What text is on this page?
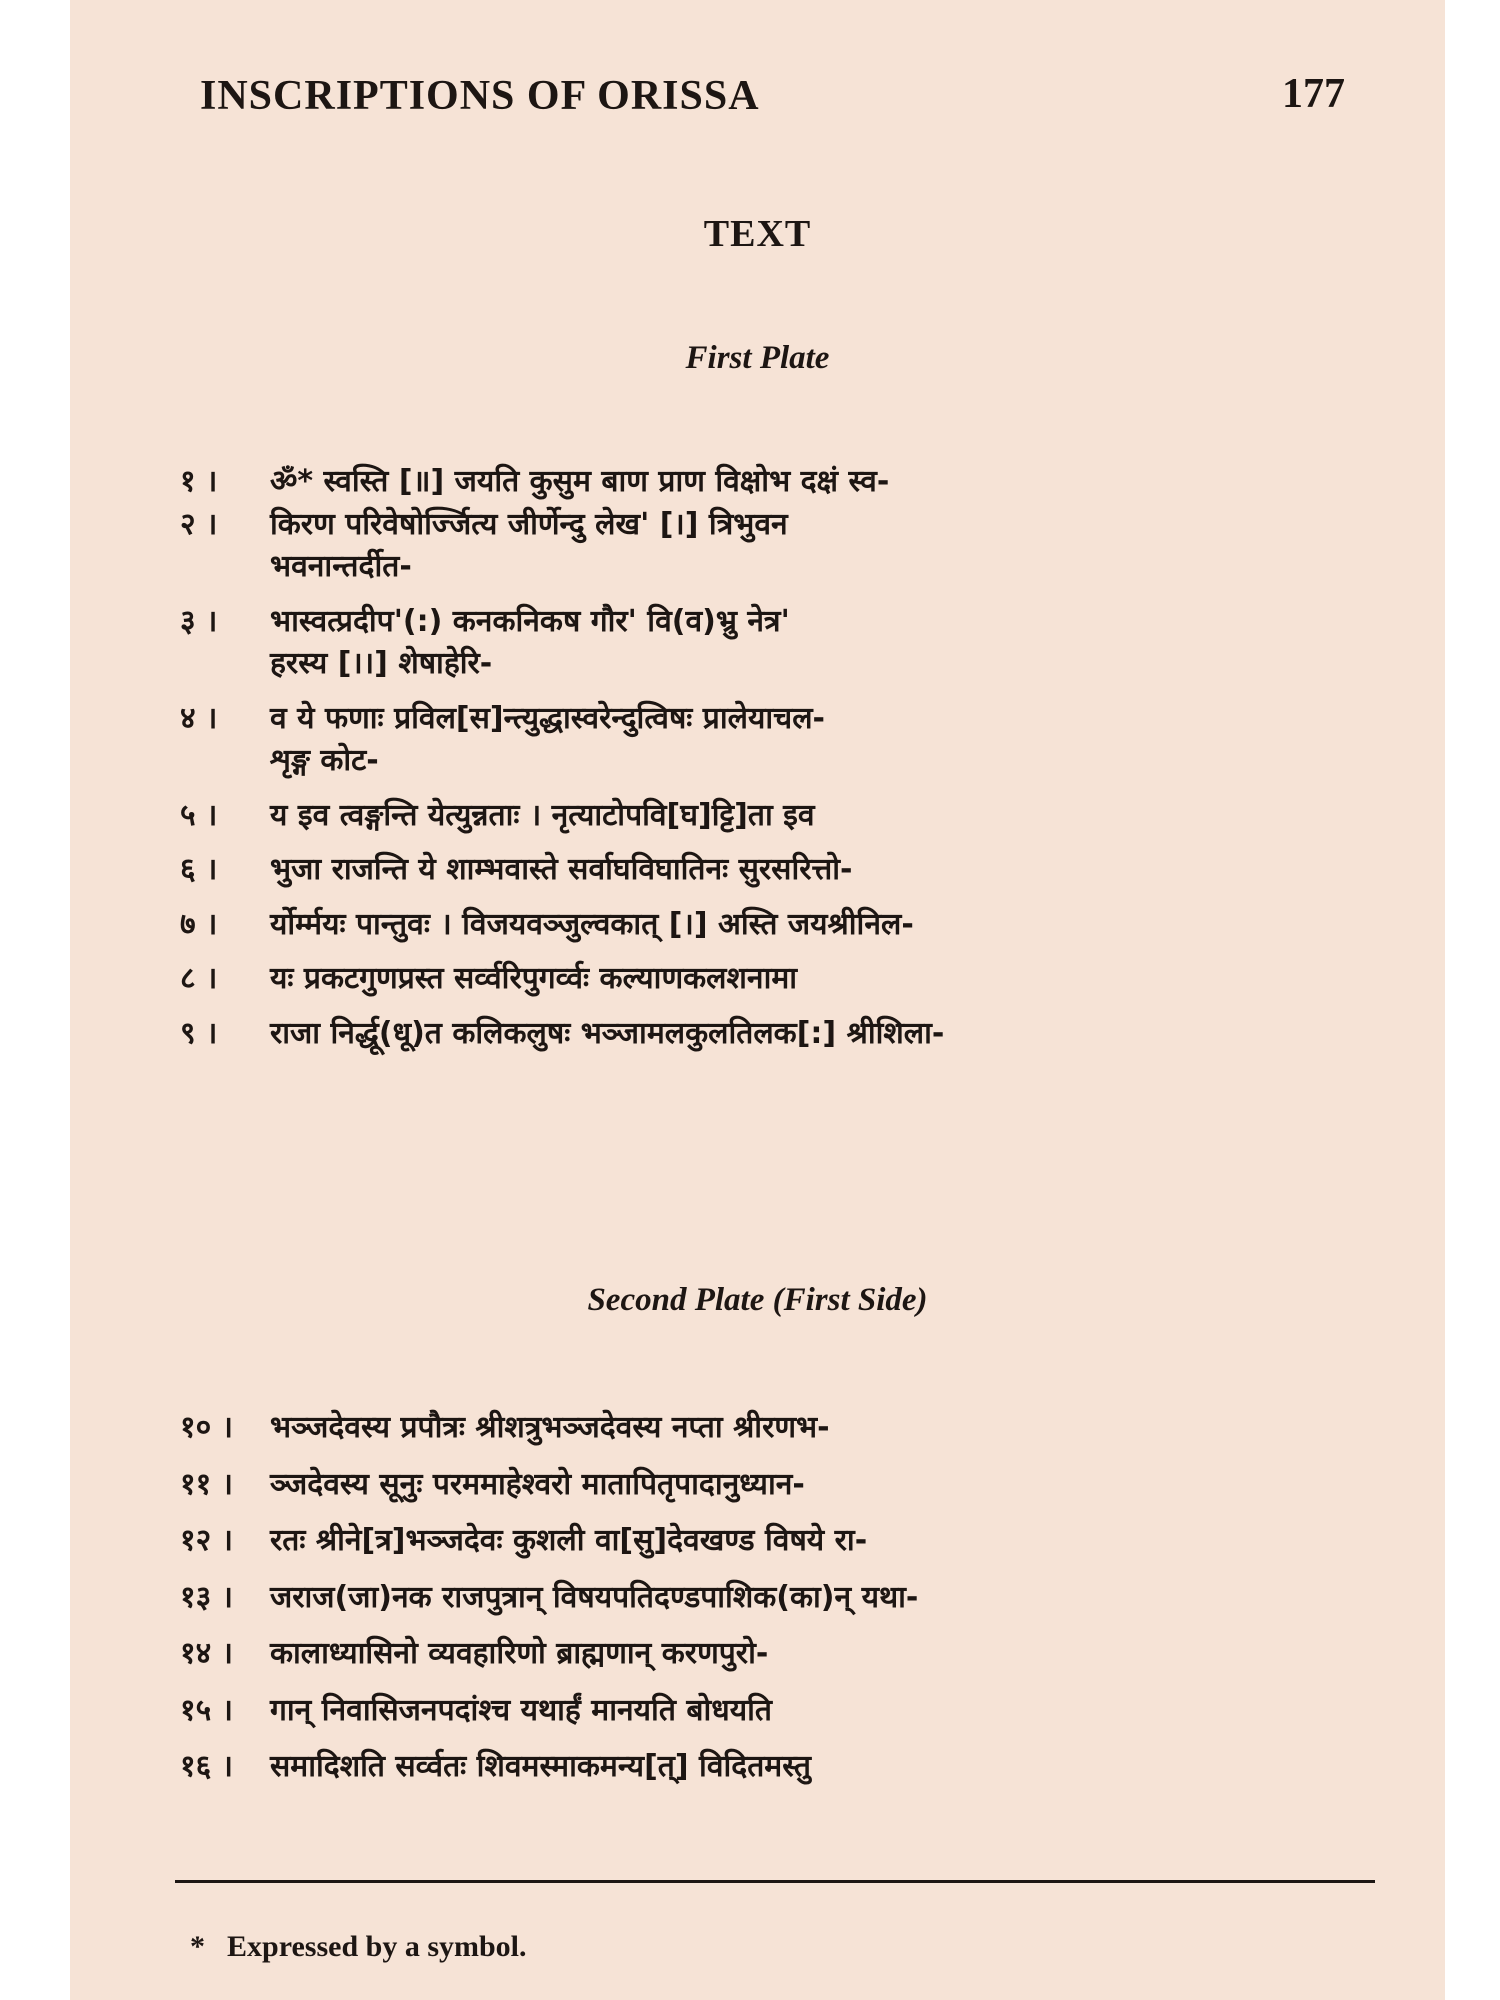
INSCRIPTIONS OF ORISSA	177
TEXT
First Plate
१ ।	ॐ* स्वस्ति [॥] जयति कुसुम बाण प्राण विक्षोभ दक्षं स्व-
२ ।	किरण परिवेषोर्ज्जित्य जीर्णेन्दु लेख' [।] त्रिभुवन
भवनान्तर्दीत-
३ ।	भास्वत्प्रदीप'(:) कनकनिकष गौर' वि(व)भ्रु नेत्र'
हरस्य [।।] शेषाहेरि-
४ ।	व ये फणाः प्रविल[स]न्त्युद्धास्वरेन्दुत्विषः प्रालेयाचल-
शृङ्ग कोट-
५ ।	य इव त्वङ्गन्ति येत्युन्नताः । नृत्याटोपवि[घ]ट्टि]ता इव
६ ।	भुजा राजन्ति ये शाम्भवास्ते सर्वाघविघातिनः सुरसरित्तो-
७ ।	र्योर्म्मयः पान्तुवः । विजयवञ्जुल्वकात् [।] अस्ति जयश्रीनिल-
८ ।	यः प्रकटगुणप्रस्त सर्व्वरिपुगर्व्वः कल्याणकलशनामा
९ ।	राजा निर्द्धू(धू)त कलिकलुषः भञ्जामलकुलतिलक[:] श्रीशिला-
Second Plate (First Side)
१० ।	भञ्जदेवस्य प्रपौत्रः श्रीशत्रुभञ्जदेवस्य नप्ता श्रीरणभ-
११ ।	ञ्जदेवस्य सूनुः परममाहेश्वरो मातापितृपादानुध्यान-
१२ ।	रतः श्रीने[त्र]भञ्जदेवः कुशली वा[सु]देवखण्ड विषये रा-
१३ ।	जराज(जा)नक राजपुत्रान् विषयपतिदण्डपाशिक(का)न् यथा-
१४ ।	कालाध्यासिनो व्यवहारिणो ब्राह्मणान् करणपुरो-
१५ ।	गान् निवासिजनपदांश्च यथार्हं मानयति बोधयति
१६ ।	समादिशति सर्व्वतः शिवमस्माकमन्य[त्] विदितमस्तु
* Expressed by a symbol.
